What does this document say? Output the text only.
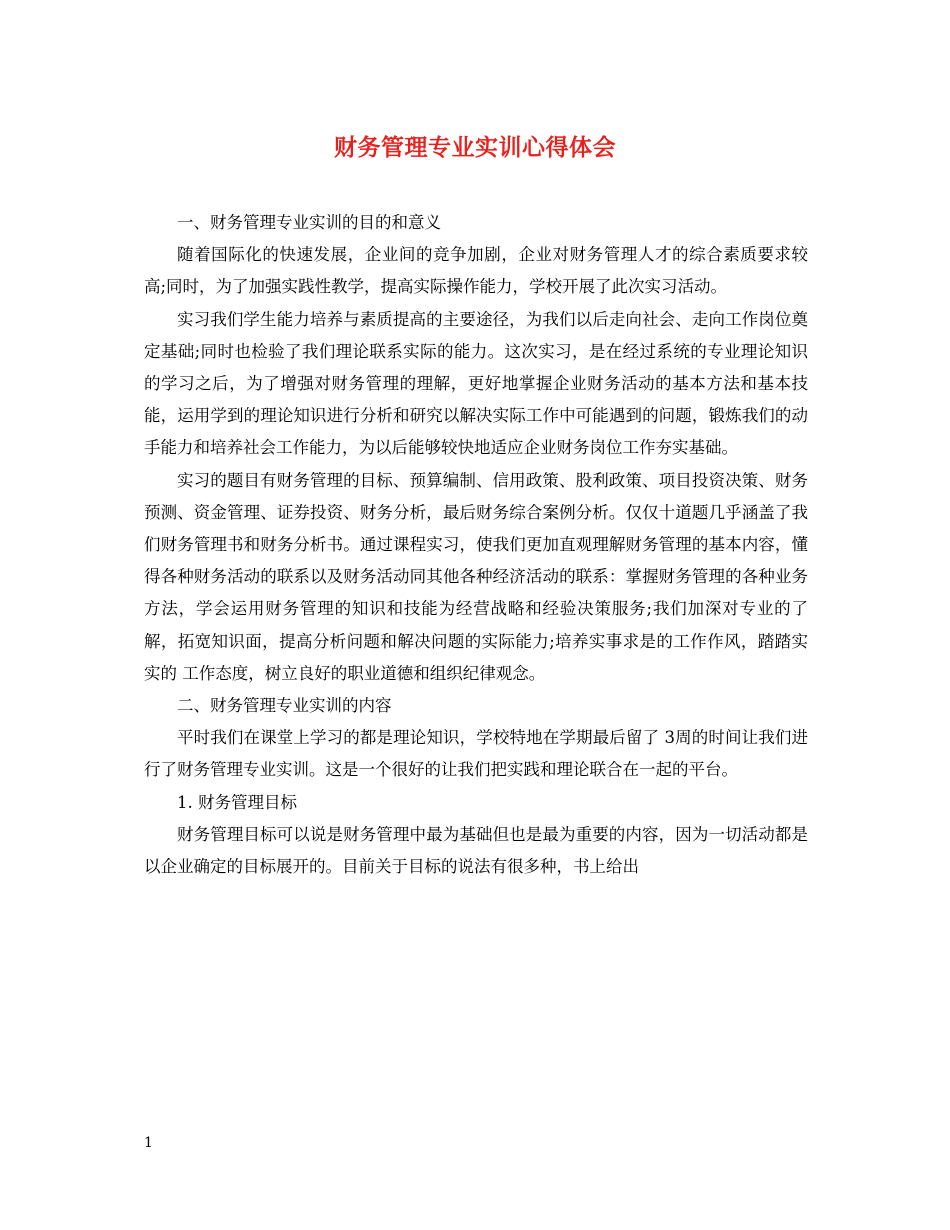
财务管理专业实训心得体会

一、财务管理专业实训的目的和意义

随着国际化的快速发展，企业间的竞争加剧，企业对财务管理人才的综合素质要求较高;同时，为了加强实践性教学，提高实际操作能力，学校开展了此次实习活动。

实习我们学生能力培养与素质提高的主要途径，为我们以后走向社会、走向工作岗位奠定基础;同时也检验了我们理论联系实际的能力。这次实习，是在经过系统的专业理论知识的学习之后，为了增强对财务管理的理解，更好地掌握企业财务活动的基本方法和基本技能，运用学到的理论知识进行分析和研究以解决实际工作中可能遇到的问题，锻炼我们的动手能力和培养社会工作能力，为以后能够较快地适应企业财务岗位工作夯实基础。

实习的题目有财务管理的目标、预算编制、信用政策、股利政策、项目投资决策、财务预测、资金管理、证券投资、财务分析，最后财务综合案例分析。仅仅十道题几乎涵盖了我们财务管理书和财务分析书。通过课程实习，使我们更加直观理解财务管理的基本内容，懂得各种财务活动的联系以及财务活动同其他各种经济活动的联系：掌握财务管理的各种业务方法，学会运用财务管理的知识和技能为经营战略和经验决策服务;我们加深对专业的了解，拓宽知识面，提高分析问题和解决问题的实际能力;培养实事求是的工作作风，踏踏实实的 工作态度，树立良好的职业道德和组织纪律观念。

二、财务管理专业实训的内容

平时我们在课堂上学习的都是理论知识，学校特地在学期最后留了 3周的时间让我们进行了财务管理专业实训。这是一个很好的让我们把实践和理论联合在一起的平台。

1. 财务管理目标

财务管理目标可以说是财务管理中最为基础但也是最为重要的内容，因为一切活动都是以企业确定的目标展开的。目前关于目标的说法有很多种，书上给出

1
